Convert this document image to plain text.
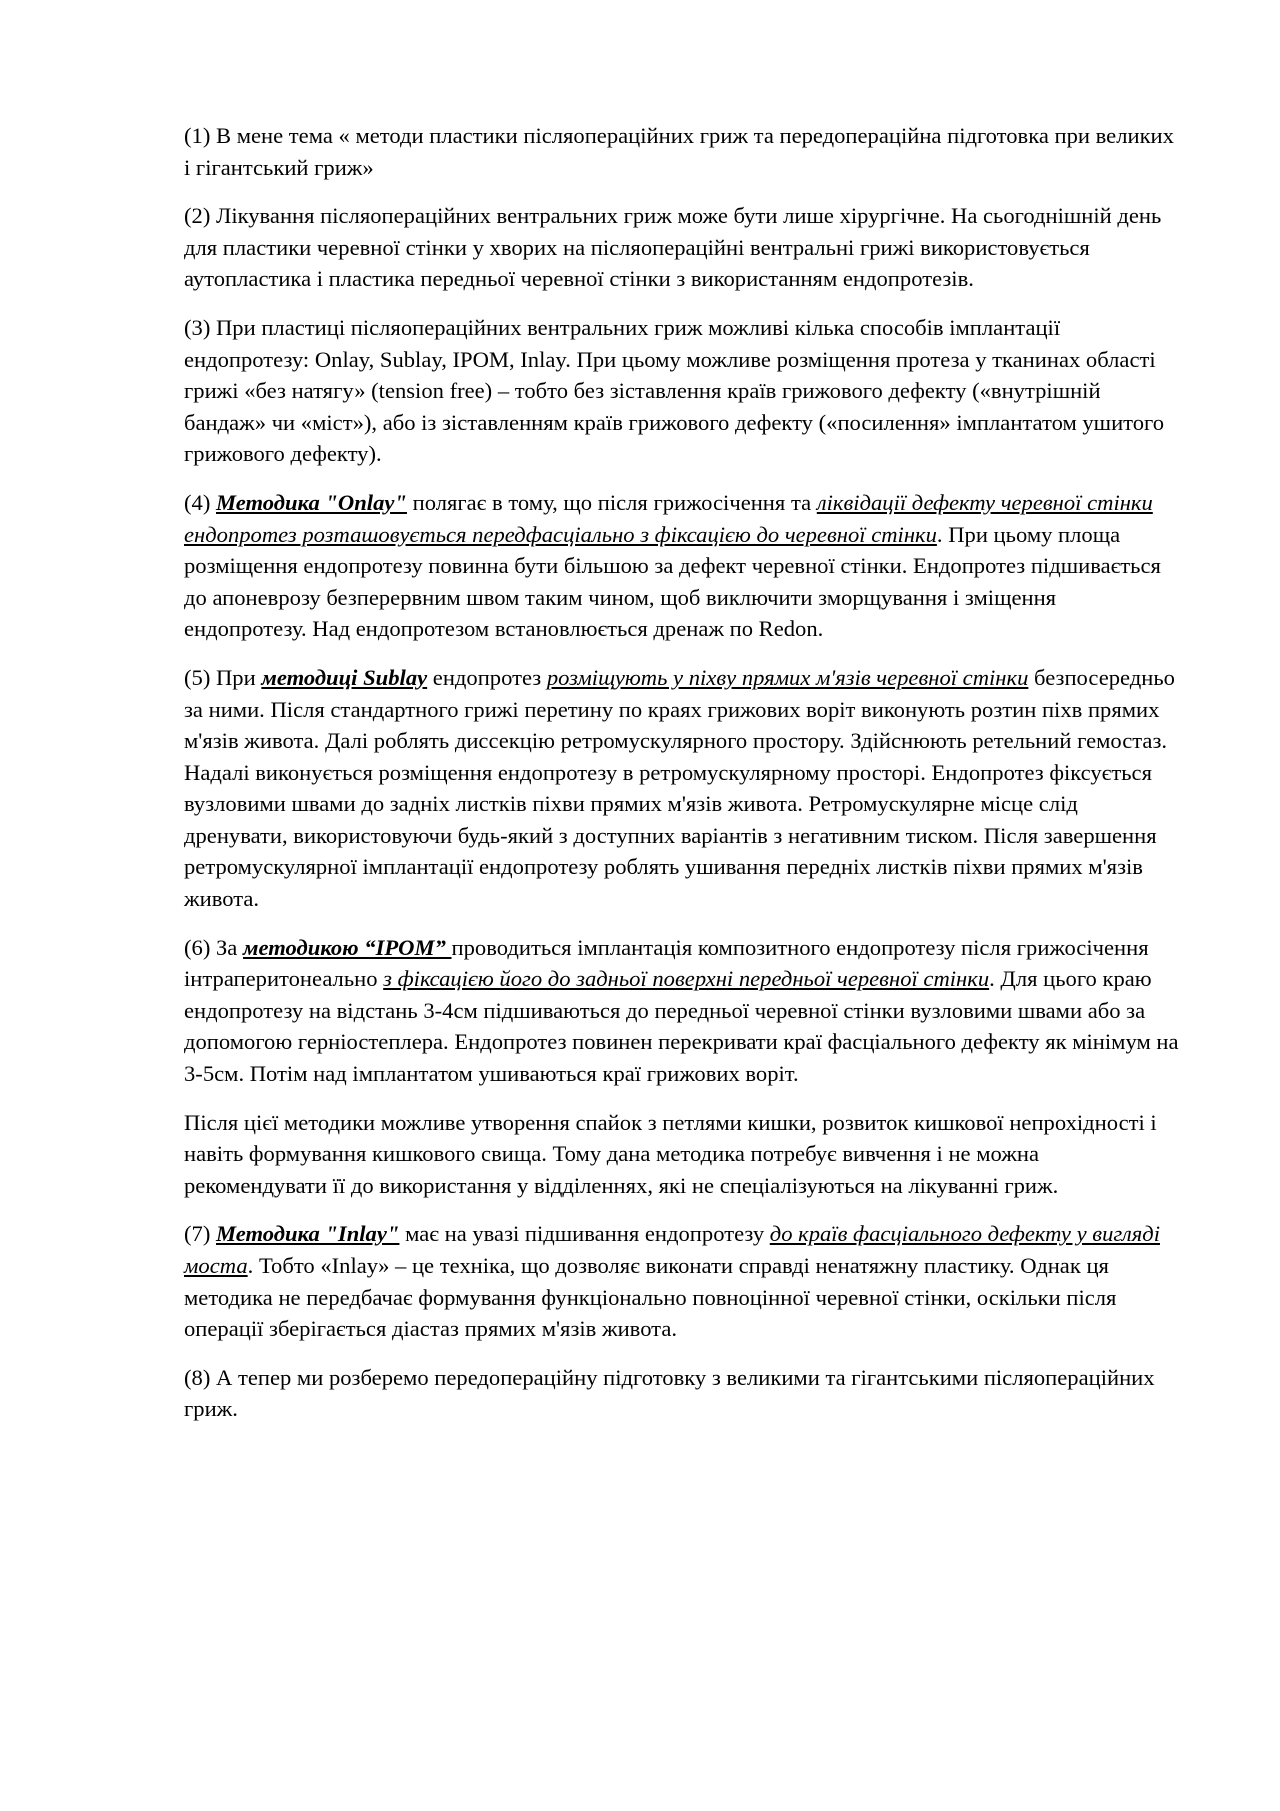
(1) В мене тема « методи пластики післяопераційних гриж та передопераційна підготовка при великих і гігантський гриж»

(2) Лікування післяопераційних вентральних гриж може бути лише хірургічне. На сьогоднішній день для пластики черевної стінки у хворих на післяопераційні вентральні грижі використовується аутопластика і пластика передньої черевної стінки з використанням ендопротезів.

(3) При пластиці післяопераційних вентральних гриж можливі кілька способів імплантації ендопротезу: Onlay, Sublay, IPOM, Inlay. При цьому можливе розміщення протеза у тканинах області грижі «без натягу» (tension free) – тобто без зіставлення країв грижового дефекту («внутрішній бандаж» чи «міст»), або із зіставленням країв грижового дефекту («посилення» імплантатом ушитого грижового дефекту).

(4) Методика "Onlay" полягає в тому, що після грижосічення та ліквідації дефекту черевної стінки ендопротез розташовується передфасціально з фіксацією до черевної стінки. При цьому площа розміщення ендопротезу повинна бути більшою за дефект черевної стінки. Ендопротез підшивається до апоневрозу безперервним швом таким чином, щоб виключити зморщування і зміщення ендопротезу. Над ендопротезом встановлюється дренаж по Redon.

(5) При методиці Sublay ендопротез розміщують у піхву прямих м'язів черевної стінки безпосередньо за ними. Після стандартного грижі перетину по краях грижових воріт виконують розтин піхв прямих м'язів живота. Далі роблять диссекцію ретромускулярного простору. Здійснюють ретельний гемостаз. Надалі виконується розміщення ендопротезу в ретромускулярному просторі. Ендопротез фіксується вузловими швами до задніх листків піхви прямих м'язів живота. Ретромускулярне місце слід дренувати, використовуючи будь-який з доступних варіантів з негативним тиском. Після завершення ретромускулярної імплантації ендопротезу роблять ушивання передніх листків піхви прямих м'язів живота.

(6) За методикою “IPOM” проводиться імплантація композитного ендопротезу після грижосічення інтраперитонеально з фіксацією його до задньої поверхні передньої черевної стінки. Для цього краю ендопротезу на відстань 3-4см підшиваються до передньої черевної стінки вузловими швами або за допомогою герніостеплера. Ендопротез повинен перекривати краї фасціального дефекту як мінімум на 3-5см. Потім над імплантатом ушиваються краї грижових воріт.

Після цієї методики можливе утворення спайок з петлями кишки, розвиток кишкової непрохідності і навіть формування кишкового свища. Тому дана методика потребує вивчення і не можна рекомендувати її до використання у відділеннях, які не спеціалізуються на лікуванні гриж.

(7) Методика "Inlay" має на увазі підшивання ендопротезу до країв фасціального дефекту у вигляді моста. Тобто «Inlay» – це техніка, що дозволяє виконати справді ненатяжну пластику. Однак ця методика не передбачає формування функціонально повноцінної черевної стінки, оскільки після операції зберігається діастаз прямих м'язів живота.

(8) А тепер ми розберемо передопераційну підготовку з великими та гігантськими післяопераційних гриж.
